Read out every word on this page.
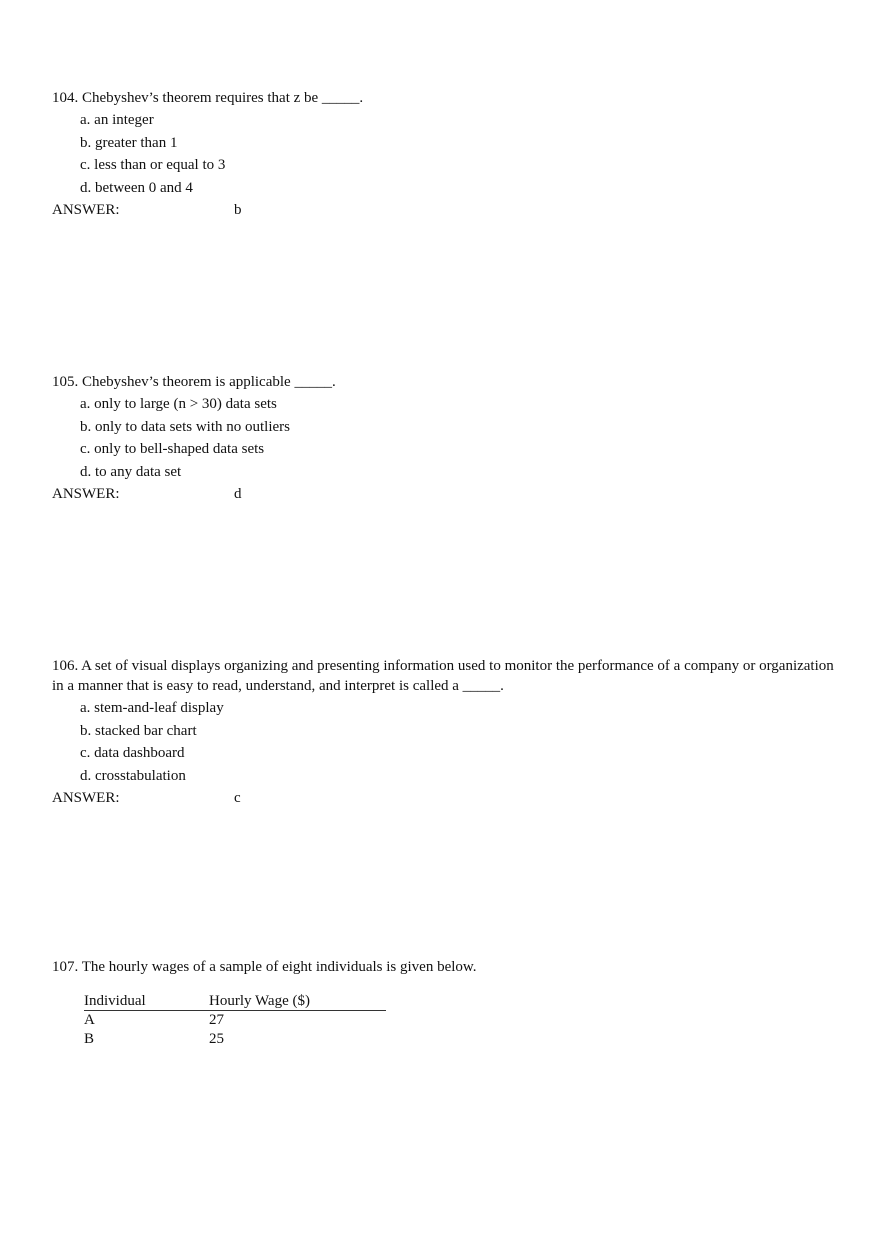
104. Chebyshev’s theorem requires that z be _____.
a. an integer
b. greater than 1
c. less than or equal to 3
d. between 0 and 4
ANSWER:	b
105. Chebyshev’s theorem is applicable _____.
a. only to large (n > 30) data sets
b. only to data sets with no outliers
c. only to bell-shaped data sets
d. to any data set
ANSWER:	d
106. A set of visual displays organizing and presenting information used to monitor the performance of a company or organization in a manner that is easy to read, understand, and interpret is called a _____.
a. stem-and-leaf display
b. stacked bar chart
c. data dashboard
d. crosstabulation
ANSWER:	c
107. The hourly wages of a sample of eight individuals is given below.
Individual	Hourly Wage ($)
A	27
B	25
